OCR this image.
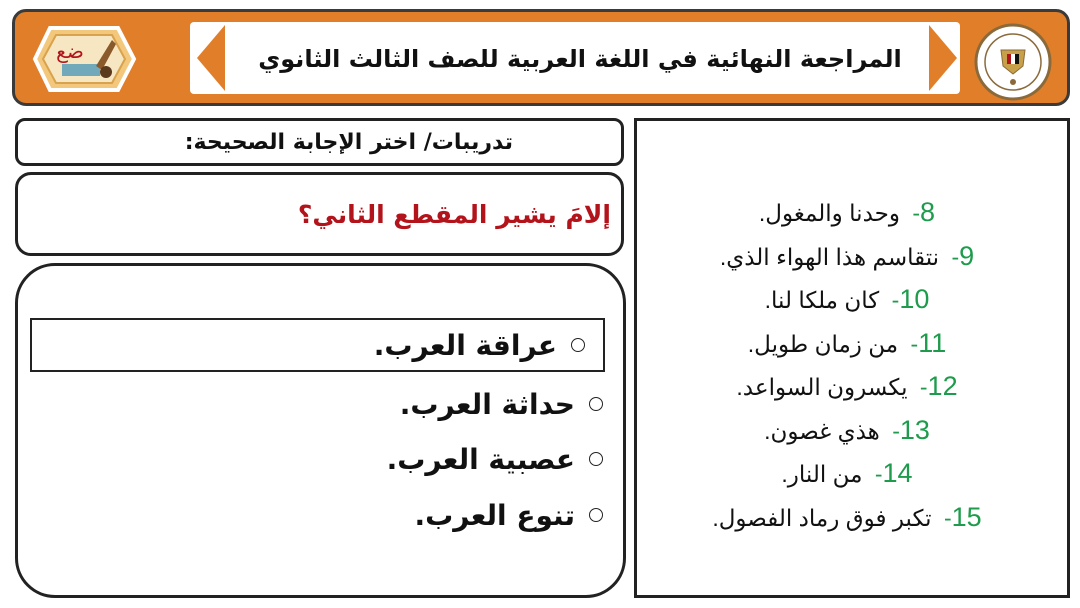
المراجعة النهائية في اللغة العربية للصف الثالث الثانوي
ضع
8- وحدنا والمغول.
9- نتقاسم هذا الهواء الذي.
10- كان ملكا لنا.
11- من زمان طويل.
12- يكسرون السواعد.
13- هذي غصون.
14- من النار.
15- تكبر فوق رماد الفصول.
تدريبات/ اختر الإجابة الصحيحة:
إلامَ يشير المقطع الثاني؟
عراقة العرب.
حداثة العرب.
عصبية العرب.
تنوع العرب.
